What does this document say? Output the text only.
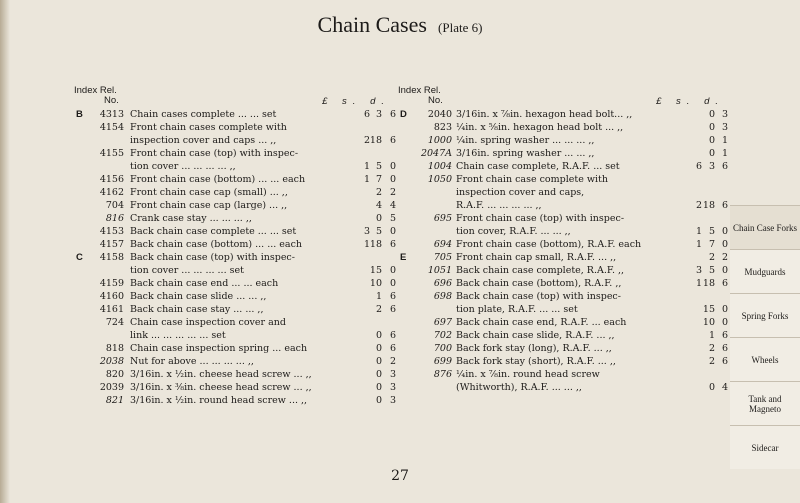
Chain Cases (Plate 6)
Index Rel.
No.	£ s. d.
B	4313 Chain cases complete ... ... set	6 3 6
4154 Front chain cases complete with
inspection cover and caps ... ,,	2 18 6
4155 Front chain case (top) with inspec-
tion cover ... ... ... ... ,,	1 5 0
4156 Front chain case (bottom) ... ... each	1 7 0
4162 Front chain case cap (small) ... ,,	2 2
704 Front chain case cap (large) ... ,,	4 4
816 Crank case stay ... ... ... ,,	0 5
4153 Back chain case complete ... ... set	3 5 0
4157 Back chain case (bottom) ... ... each	1 18 6
C	4158 Back chain case (top) with inspec-
tion cover ... ... ... ... set	15 0
4159 Back chain case end ... ... each	10 0
4160 Back chain case slide ... ... ,,	1 6
4161 Back chain case stay ... ... ,,	2 6
724 Chain case inspection cover and
link ... ... ... ... ... set	0 6
818 Chain case inspection spring ... each	0 6
2038 Nut for above ... ... ... ... ,,	0 2
820 3/16in. x ½in. cheese head screw ... ,,	0 3
2039 3/16in. x ⅜in. cheese head screw ... ,,	0 3
821 3/16in. x ½in. round head screw ... ,,	0 3
Index Rel.
No.	£ s. d.
D	2040 3/16in. x ⅞in. hexagon head bolt... ,,	0 3
823 ¼in. x ⅝in. hexagon head bolt ... ,,	0 3
1000 ¼in. spring washer ... ... ... ,,	0 1
2047A 3/16in. spring washer ... ... ,,	0 1
1004 Chain case complete, R.A.F. ... set	6 3 6
1050 Front chain case complete with
inspection cover and caps,
R.A.F. ... ... ... ... ,,	2 18 6
695 Front chain case (top) with inspec-
tion cover, R.A.F. ... ... ,,	1 5 0
694 Front chain case (bottom), R.A.F. each	1 7 0
E	705 Front chain cap small, R.A.F. ... ,,	2 2
1051 Back chain case complete, R.A.F. ,,	3 5 0
696 Back chain case (bottom), R.A.F. ,,	1 18 6
698 Back chain case (top) with inspec-
tion plate, R.A.F. ... ... set	15 0
697 Back chain case end, R.A.F. ... each	10 0
702 Back chain case slide, R.A.F. ... ,,	1 6
700 Back fork stay (long), R.A.F. ... ,,	2 6
699 Back fork stay (short), R.A.F. ... ,,	2 6
876 ¼in. x ⅞in. round head screw
(Whitworth), R.A.F. ... ... ,,	0 4
Chain Case Forks
Mudguards
Spring Forks
Wheels
Tank and Magneto
Sidecar
27
